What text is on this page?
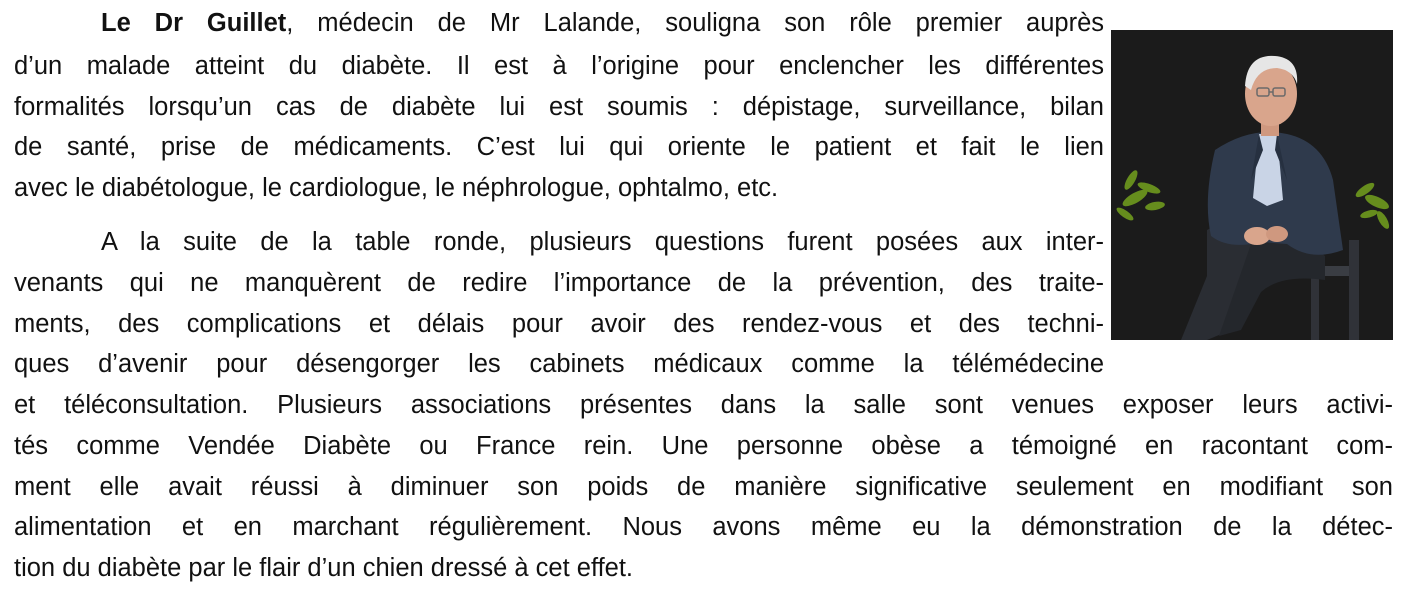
Le Dr Guillet, médecin de Mr Lalande, souligna son rôle premier auprès
d’un malade atteint du diabète. Il est à l’origine pour enclencher les différentes
formalités lorsqu’un cas de diabète lui est soumis : dépistage, surveillance, bilan
de santé, prise de médicaments. C’est lui qui oriente le patient et fait le lien
avec le diabétologue, le cardiologue, le néphrologue, ophtalmo, etc.
A la suite de la table ronde, plusieurs questions furent posées aux inter-
venants qui ne manquèrent de redire l’importance de la prévention, des traite-
ments, des complications et délais pour avoir des rendez-vous et des techni-
ques d’avenir pour désengorger les cabinets médicaux comme la télémédecine
et téléconsultation. Plusieurs associations présentes dans la salle sont venues exposer leurs activi-
tés comme Vendée Diabète ou France rein. Une personne obèse a témoigné en racontant com-
ment elle avait réussi à diminuer son poids de manière significative seulement en modifiant son
alimentation et en marchant régulièrement. Nous avons même eu la démonstration de la détec-
tion du diabète par le flair d’un chien dressé à cet effet.
